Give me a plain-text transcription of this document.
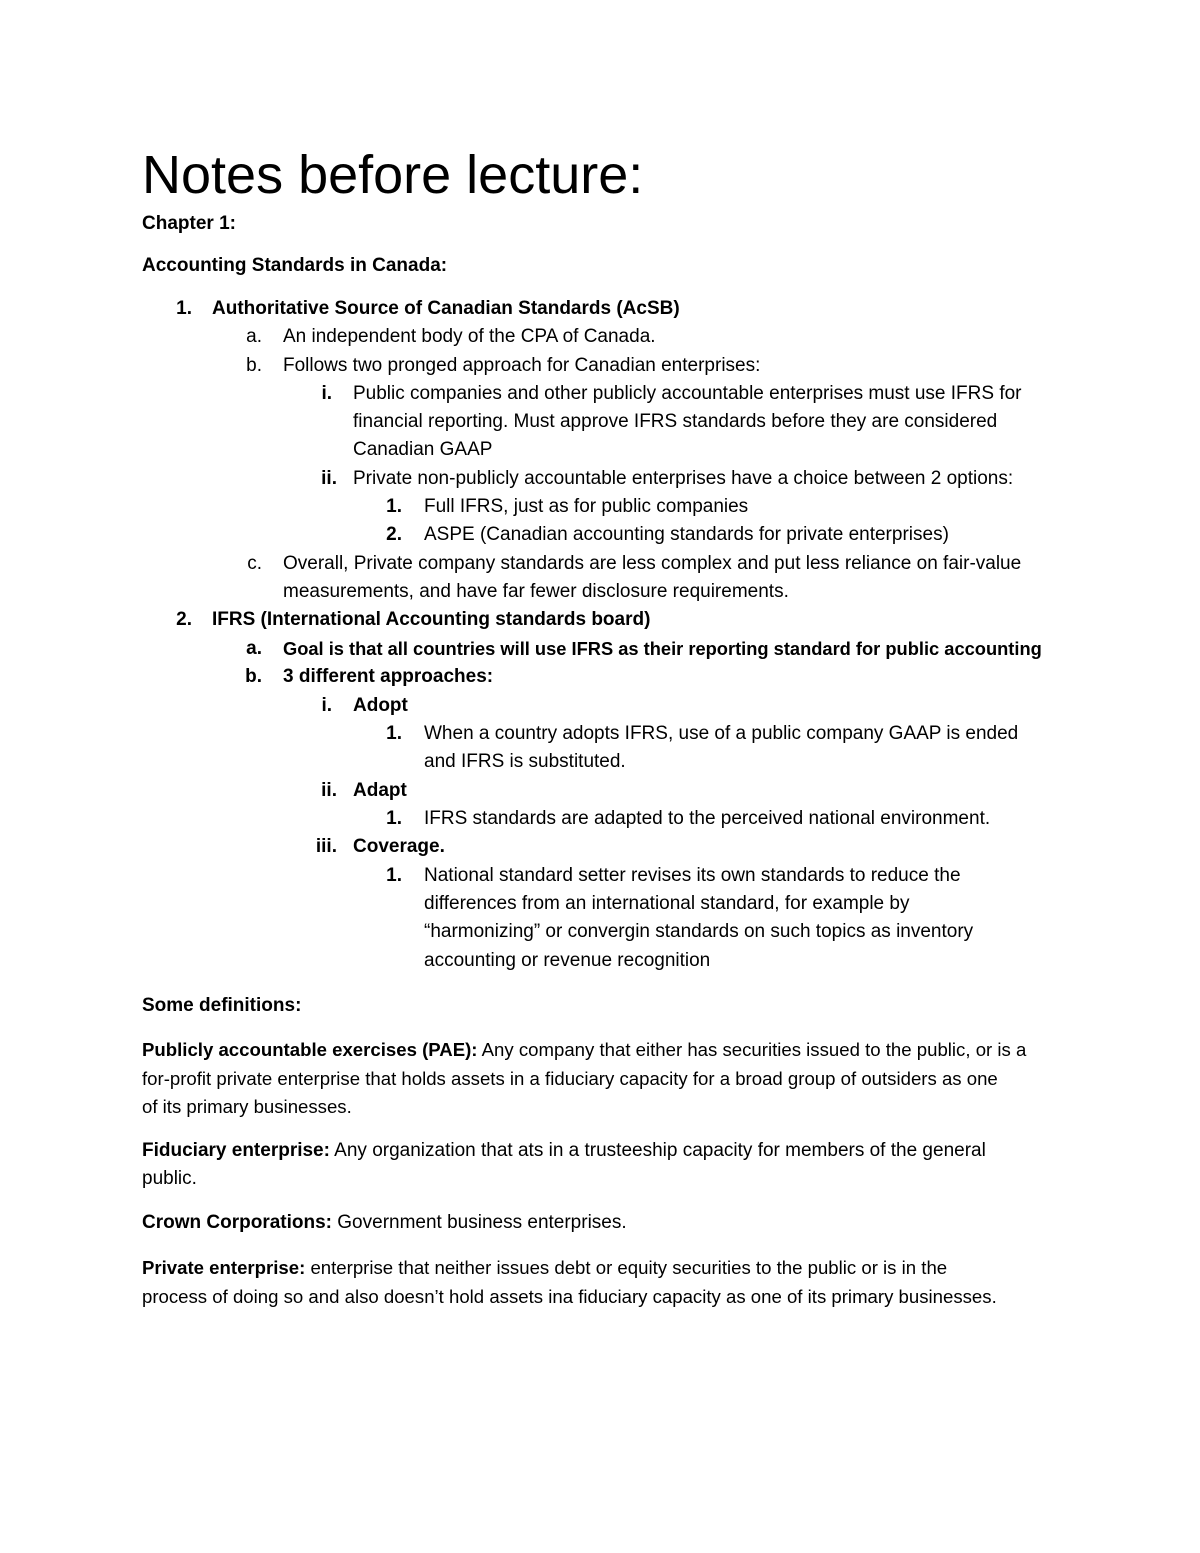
Notes before lecture:
Chapter 1:
Accounting Standards in Canada:
1. Authoritative Source of Canadian Standards (AcSB)
a. An independent body of the CPA of Canada.
b. Follows two pronged approach for Canadian enterprises:
i. Public companies and other publicly accountable enterprises must use IFRS for
financial reporting. Must approve IFRS standards before they are considered
Canadian GAAP
ii. Private non-publicly accountable enterprises have a choice between 2 options:
1. Full IFRS, just as for public companies
2. ASPE (Canadian accounting standards for private enterprises)
c. Overall, Private company standards are less complex and put less reliance on fair-value
measurements, and have far fewer disclosure requirements.
2. IFRS (International Accounting standards board)
a. Goal is that all countries will use IFRS as their reporting standard for public accounting
b. 3 different approaches:
i. Adopt
1. When a country adopts IFRS, use of a public company GAAP is ended
and IFRS is substituted.
ii. Adapt
1. IFRS standards are adapted to the perceived national environment.
iii. Coverage.
1. National standard setter revises its own standards to reduce the
differences from an international standard, for example by
“harmonizing” or convergin standards on such topics as inventory
accounting or revenue recognition
Some definitions:
Publicly accountable exercises (PAE): Any company that either has securities issued to the public, or is a
for-profit private enterprise that holds assets in a fiduciary capacity for a broad group of outsiders as one
of its primary businesses.
Fiduciary enterprise: Any organization that ats in a trusteeship capacity for members of the general
public.
Crown Corporations: Government business enterprises.
Private enterprise: enterprise that neither issues debt or equity securities to the public or is in the
process of doing so and also doesn’t hold assets ina fiduciary capacity as one of its primary businesses.
